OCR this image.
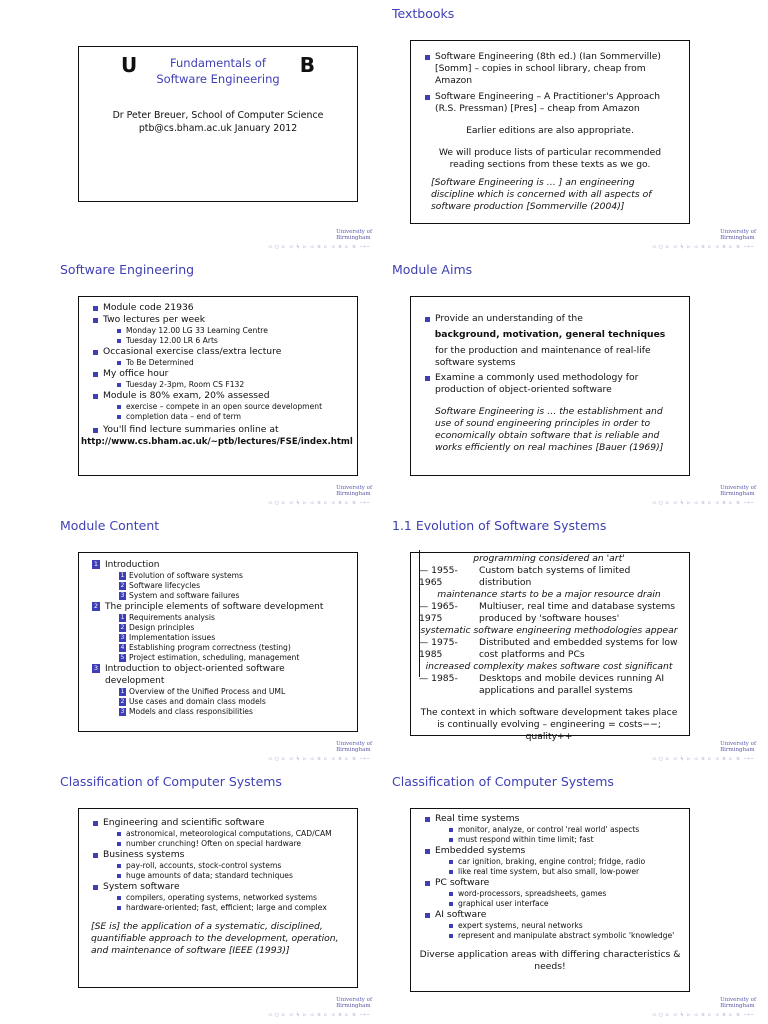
U	B
Fundamentals of
Software Engineering
Dr Peter Breuer, School of Computer Science
ptb@cs.bham.ac.uk January 2012
University of
Birmingham
◁ □ ▷ ◁ ⍀ ▷ ◁ ≡ ▷ ◁ ≡ ▷ ≡ ∽∘∼
Textbooks
Software Engineering (8th ed.) (Ian Sommerville) [Somm] – copies in school library, cheap from Amazon
Software Engineering – A Practitioner's Approach (R.S. Pressman) [Pres] – cheap from Amazon
Earlier editions are also appropriate.
We will produce lists of particular recommended reading sections from these texts as we go.
[Software Engineering is … ] an engineering discipline which is concerned with all aspects of software production [Sommerville (2004)]
University of
Birmingham
◁ □ ▷ ◁ ⍀ ▷ ◁ ≡ ▷ ◁ ≡ ▷ ≡ ∽∘∼
Software Engineering
Module code 21936
Two lectures per week
Monday 12.00 LG 33 Learning Centre
Tuesday 12.00 LR 6 Arts
Occasional exercise class/extra lecture
To Be Determined
My office hour
Tuesday 2-3pm, Room CS F132
Module is 80% exam, 20% assessed
exercise – compete in an open source development
completion data – end of term
You'll find lecture summaries online at
http://www.cs.bham.ac.uk/~ptb/lectures/FSE/index.html
University of
Birmingham
◁ □ ▷ ◁ ⍀ ▷ ◁ ≡ ▷ ◁ ≡ ▷ ≡ ∽∘∼
Module Aims
Provide an understanding of the
background, motivation, general techniques
for the production and maintenance of real-life software systems
Examine a commonly used methodology for production of object-oriented software
Software Engineering is … the establishment and use of sound engineering principles in order to economically obtain software that is reliable and works efficiently on real machines [Bauer (1969)]
University of
Birmingham
◁ □ ▷ ◁ ⍀ ▷ ◁ ≡ ▷ ◁ ≡ ▷ ≡ ∽∘∼
Module Content
1 Introduction
1 Evolution of software systems
2 Software lifecycles
3 System and software failures
2 The principle elements of software development
1 Requirements analysis
2 Design principles
3 Implementation issues
4 Establishing program correctness (testing)
5 Project estimation, scheduling, management
3 Introduction to object-oriented software development
1 Overview of the Unified Process and UML
2 Use cases and domain class models
3 Models and class responsibilities
University of
Birmingham
◁ □ ▷ ◁ ⍀ ▷ ◁ ≡ ▷ ◁ ≡ ▷ ≡ ∽∘∼
1.1 Evolution of Software Systems
programming considered an 'art'
— 1955-1965
Custom batch systems of limited distribution
maintenance starts to be a major resource drain
— 1965-1975
Multiuser, real time and database systems produced by 'software houses'
systematic software engineering methodologies appear
— 1975-1985
Distributed and embedded systems for low cost platforms and PCs
increased complexity makes software cost significant
— 1985-	Desktops and mobile devices running AI applications and parallel systems
The context in which software development takes place is continually evolving – engineering = costs−−; quality++
University of
Birmingham
◁ □ ▷ ◁ ⍀ ▷ ◁ ≡ ▷ ◁ ≡ ▷ ≡ ∽∘∼
Classification of Computer Systems
Engineering and scientific software
astronomical, meteorological computations, CAD/CAM
number crunching! Often on special hardware
Business systems
pay-roll, accounts, stock-control systems
huge amounts of data; standard techniques
System software
compilers, operating systems, networked systems
hardware-oriented; fast, efficient; large and complex
[SE is] the application of a systematic, disciplined, quantifiable approach to the development, operation, and maintenance of software [IEEE (1993)]
University of
Birmingham
◁ □ ▷ ◁ ⍀ ▷ ◁ ≡ ▷ ◁ ≡ ▷ ≡ ∽∘∼
Classification of Computer Systems
Real time systems
monitor, analyze, or control 'real world' aspects
must respond within time limit; fast
Embedded systems
car ignition, braking, engine control; fridge, radio
like real time system, but also small, low-power
PC software
word-processors, spreadsheets, games
graphical user interface
AI software
expert systems, neural networks
represent and manipulate abstract symbolic 'knowledge'
Diverse application areas with differing characteristics & needs!
University of
Birmingham
◁ □ ▷ ◁ ⍀ ▷ ◁ ≡ ▷ ◁ ≡ ▷ ≡ ∽∘∼
